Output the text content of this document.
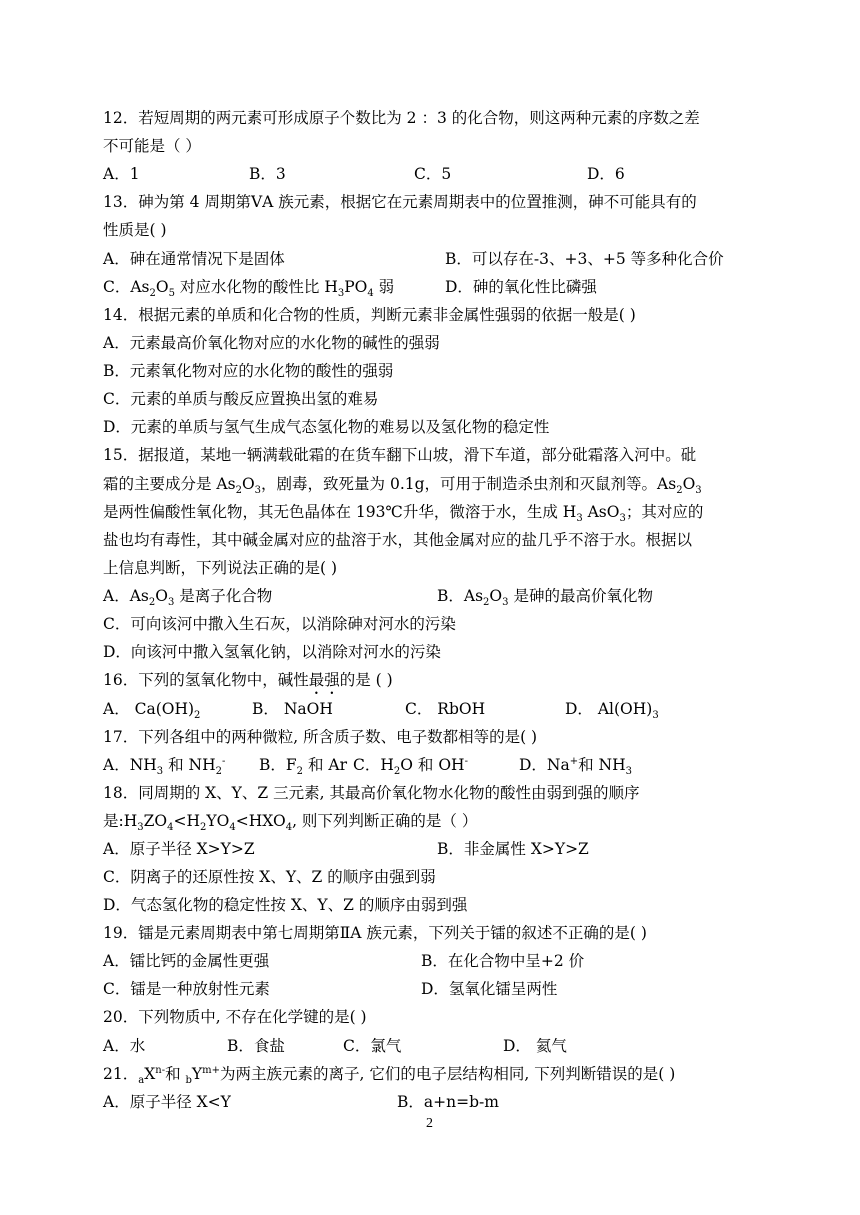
12．若短周期的两元素可形成原子个数比为 2 ：3 的化合物，则这两种元素的序数之差
不可能是（ ）
A．1	B．3	C．5	D．6
13．砷为第 4 周期第ⅤA 族元素，根据它在元素周期表中的位置推测，砷不可能具有的
性质是( )
A．砷在通常情况下是固体	B．可以存在-3、+3、+5 等多种化合价
C．$As_2O_5$ 对应水化物的酸性比 $H_3PO_4$ 弱	D．砷的氧化性比磷强
14．根据元素的单质和化合物的性质，判断元素非金属性强弱的依据一般是( )
A．元素最高价氧化物对应的水化物的碱性的强弱
B．元素氧化物对应的水化物的酸性的强弱
C．元素的单质与酸反应置换出氢的难易
D．元素的单质与氢气生成气态氢化物的难易以及氢化物的稳定性
15．据报道，某地一辆满载砒霜的在货车翻下山坡，滑下车道，部分砒霜落入河中。砒
霜的主要成分是 $As_2O_3$，剧毒，致死量为 0.1g，可用于制造杀虫剂和灭鼠剂等。$As_2O_3$
是两性偏酸性氧化物，其无色晶体在 193℃升华，微溶于水，生成 $H_3$ AsO$_3$；其对应的
盐也均有毒性，其中碱金属对应的盐溶于水，其他金属对应的盐几乎不溶于水。根据以
上信息判断，下列说法正确的是( )
A．$As_2O_3$ 是离子化合物	B．$As_2O_3$ 是砷的最高价氧化物
C．可向该河中撒入生石灰，以消除砷对河水的污染
D．向该河中撒入氢氧化钠，以消除对河水的污染
16．下列的氢氧化物中，碱性最强的是 ( )
A． $Ca(OH)_2$	B． NaOH	C． RbOH	D． $Al(OH)_3$
17．下列各组中的两种微粒, 所含质子数、电子数都相等的是( )
A．$NH_3$ 和 $NH_2^-$ B．$F_2$ 和 Ar C．$H_2O$ 和 OH-	D．Na+和 $NH_3$
18．同周期的 X、Y、Z 三元素, 其最高价氧化物水化物的酸性由弱到强的顺序
是$:H_3ZO_4<H_2YO_4<HXO_4$, 则下列判断正确的是（ ）
A．原子半径 X>Y>Z	B．非金属性 X>Y>Z
C．阴离子的还原性按 X、Y、Z 的顺序由强到弱
D．气态氢化物的稳定性按 X、Y、Z 的顺序由弱到强
19．镭是元素周期表中第七周期第ⅡA 族元素，下列关于镭的叙述不正确的是( )
A．镭比钙的金属性更强	B．在化合物中呈+2 价
C．镭是一种放射性元素	D．氢氧化镭呈两性
20．下列物质中, 不存在化学键的是( )
A．水	B．食盐	C．氯气	D． 氦气
21．$_aX^{n-}$和 $_bY^{m+}$为两主族元素的离子, 它们的电子层结构相同, 下列判断错误的是( )
A．原子半径 X<Y	B．a+n=b-m
2
